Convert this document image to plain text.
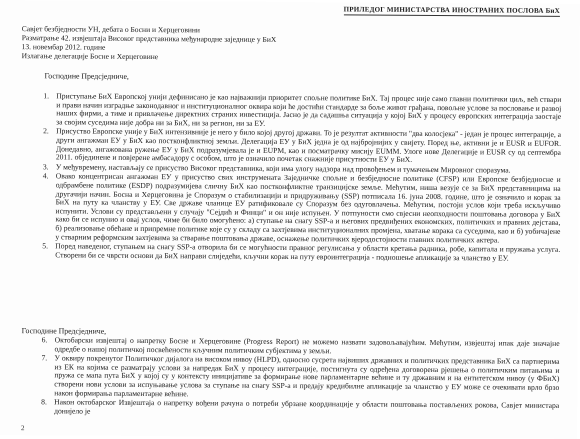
ПРИЛЕДОГ МИНИСТАРСТВА ИНОСТРАНИХ ПОСЛОВА БиХ
Савјет безбједности УН, дебата о Босни и Херцеговини
Разматрање 42. извјештаја Високог представника међународне заједнице у БиХ
13. новембар 2012. године
Излагање делегације Босне и Херцеговине
Господине Предсједниче,
1. Приступање БиХ Европској унији дефинисано је као најважнији приоритет спољне политике БиХ. Тај процес није само главни политички циљ, већ ствари и прави начин изградње законодавног и институционалног оквира који ће достићи стандарде за боље живот грађана, повољне услове за пословање и развој наших фирми, а тиме и привлачење директних страних инвестиција. Јасно је да садашња ситуација у којој БиХ у процесу европских интеграција заостаје за својим суседима није добра ни за БиХ, ни за регион, ни за ЕУ.
2. Присуство Европске уније у БиХ интензивније је него у било којој другој држави. То је резултат активности "два колосјека" - један је процес интеграције, а други ангажман ЕУ у БиХ као постконфликтној земљи. Делегација ЕУ у БиХ једна је од најбројнијих у свијету. Поред ње, активни је и EUSR и EUFOR. Донедавно, ангажована ружење ЕУ у БиХ подразумјевала је и EUPM, као и посматрачку мисију EUMM. Улоге нове Делегације и EUSR су од септембра 2011. објединене и повјерене амбасадору с особом, што је означило почетак снажније присутности ЕУ у БиХ.
3. У међувремену, настављају се присуство Високог представника, који има улогу надзора над провођењем и тумачењем Мировног споразума.
4. Овако концентрисан ангажман ЕУ у присуство свих инструмената Заједничке спољне и безбједносне политике (CFSP) или Европске безбједносне и одбрамбене политике (ESDP) подразумијева сличну БиХ као постконфликтне транзицијске земље. Мећутим, ниша везује се за БиХ представницима на другачији начин. Босна и Херцеговина је Споразум о стабилизацији и придруживању (SSP) потписала 16. јуна 2008. године, што је означило и корак за БиХ на путу ка чланству у ЕУ. Све државе чланице ЕУ ратификовале су Споразум без одуговлачења. Мећутим, постоји услов који треба искључиво испунити. Услови су представљени у случају "Сејдић и Финци" и он није испуњен. У потпуности смо свјесни неопходности поштовања договора у БиХ како би се испунио и овај услов, чиме би било омогућено: а) ступање на снагу SSP-а и његових предвиђених економских, политичких и правних дејстава, б) реализовање обећане и припремне политике које су у складу са захтјевима институционалних промјена, хватање корака са суседима, као и б) уобичајене у стварним реформским захтјевима за стварање поштовања државе, оснажење политичких вјеродостојности главних политичких актера.
5. Поред наведеног, ступањем на снагу SSP-а отворила би се могућности правног регулисања у области кретања радника, робе, капитала и пружања услуга. Створени би се чврсти основи да БиХ направи слиједећи, кључни корак на путу евроинтеграција - подношење апликације за чланство у ЕУ.
Господине Предсједниче,
6. Октобарски извјештај о напретку Босне и Херцеговине (Progress Report) не можемо назвати задовољавајућим. Мећутим, извјештај ипак даје значајне одредбе о нашој политичкој посвећености кључним политичким субјектима у земљи.
7. У оквиру покренутог Политичког дијалога на високом нивоу (HLPD), односно сусрета највиших државних и политичких представника БиХ са партнерима из ЕК на којима се разматрају услови за напредак БиХ у процесу интеграције, постигнута су одређена договорена рјешења о политичким питањима и пружа се мапа пута БиХ у којој су у контексту иницијативе за формирање нове парламентарне већине и ту државним и на ентитетском нивоу (у ФБиХ) створени нови услови за испуњавање услова за ступање на снагу SSP-а и предају кредибилне апликације за чланство у ЕУ може се очекивати врло брзо након формирања парламентарне већине.
8. Након октобарског Извјештаја о напретку вођени рачуна о потреби убрзане координације у области поштовања постављених рокова, Савјет министара донијело је
2
